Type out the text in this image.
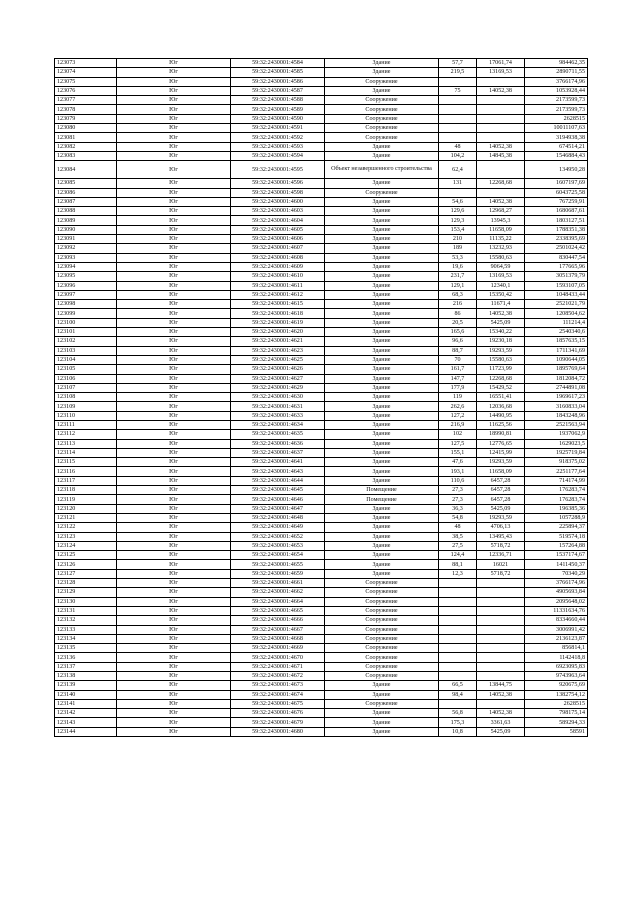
123073	Юг	59:32:2430001:4584	Здание	57,7	17061,74	984462,35
123074	Юг	59:32:2430001:4585	Здание	219,5	13169,53	2890711,55
123075	Юг	59:32:2430001:4586	Сооружение			3766174,96
123076	Юг	59:32:2430001:4587	Здание	75	14052,38	1053928,44
123077	Юг	59:32:2430001:4588	Сооружение			2173599,73
123078	Юг	59:32:2430001:4589	Сооружение			2173599,73
123079	Юг	59:32:2430001:4590	Сооружение			2628515
123080	Юг	59:32:2430001:4591	Сооружение			10011107,63
123081	Юг	59:32:2430001:4592	Сооружение			3194938,38
123082	Юг	59:32:2430001:4593	Здание	48	14052,38	674514,21
123083	Юг	59:32:2430001:4594	Здание	104,2	14845,38	1546884,43
123084	Юг	59:32:2430001:4595	Объект незавершенного строительства	62,4		134950,28
123085	Юг	59:32:2430001:4596	Здание	131	12268,68	1607197,69
123086	Юг	59:32:2430001:4598	Сооружение			6043725,58
123087	Юг	59:32:2430001:4600	Здание	54,6	14052,38	767259,91
123088	Юг	59:32:2430001:4603	Здание	129,6	12968,27	1680687,61
123089	Юг	59:32:2430001:4604	Здание	129,3	13945,3	1803127,51
123090	Юг	59:32:2430001:4605	Здание	153,4	11658,09	1788351,38
123091	Юг	59:32:2430001:4606	Здание	210	11135,22	2338395,69
123092	Юг	59:32:2430001:4607	Здание	189	13232,93	2501024,42
123093	Юг	59:32:2430001:4608	Здание	53,3	15580,63	830447,54
123094	Юг	59:32:2430001:4609	Здание	19,6	9064,59	177665,96
123095	Юг	59:32:2430001:4610	Здание	231,7	13169,53	3051379,79
123096	Юг	59:32:2430001:4611	Здание	129,1	12340,1	1593107,05
123097	Юг	59:32:2430001:4612	Здание	68,3	15350,42	1048433,44
123098	Юг	59:32:2430001:4615	Здание	216	11671,4	2521021,79
123099	Юг	59:32:2430001:4618	Здание	86	14052,38	1208504,62
123100	Юг	59:32:2430001:4619	Здание	20,5	5425,09	111214,4
123101	Юг	59:32:2430001:4620	Здание	165,6	15340,22	2540340,6
123102	Юг	59:32:2430001:4621	Здание	96,6	19230,18	1857635,15
123103	Юг	59:32:2430001:4623	Здание	88,7	19293,59	1711341,69
123104	Юг	59:32:2430001:4625	Здание	70	15580,63	1090644,05
123105	Юг	59:32:2430001:4626	Здание	161,7	11723,99	1895769,64
123106	Юг	59:32:2430001:4627	Здание	147,7	12268,68	1812084,72
123107	Юг	59:32:2430001:4629	Здание	177,9	15429,52	2744891,08
123108	Юг	59:32:2430001:4630	Здание	119	16551,41	1969617,23
123109	Юг	59:32:2430001:4631	Здание	262,6	12036,68	3160833,04
123110	Юг	59:32:2430001:4633	Здание	127,2	14490,95	1843248,96
123111	Юг	59:32:2430001:4634	Здание	216,9	11625,56	2521563,94
123112	Юг	59:32:2430001:4635	Здание	102	18990,81	1937062,9
123113	Юг	59:32:2430001:4636	Здание	127,5	12776,65	1629023,5
123114	Юг	59:32:2430001:4637	Здание	155,1	12415,99	1925719,84
123115	Юг	59:32:2430001:4641	Здание	47,6	19293,59	918375,02
123116	Юг	59:32:2430001:4643	Здание	193,1	11658,09	2251177,64
123117	Юг	59:32:2430001:4644	Здание	110,6	6457,28	714174,99
123118	Юг	59:32:2430001:4645	Помещение	27,3	6457,28	176283,74
123119	Юг	59:32:2430001:4646	Помещение	27,3	6457,28	176283,74
123120	Юг	59:32:2430001:4647	Здание	36,3	5425,09	196385,36
123121	Юг	59:32:2430001:4648	Здание	54,8	19293,59	1057288,9
123122	Юг	59:32:2430001:4649	Здание	48	4706,13	225894,37
123123	Юг	59:32:2430001:4652	Здание	38,5	13495,43	519574,18
123124	Юг	59:32:2430001:4653	Здание	27,5	5718,72	157264,88
123125	Юг	59:32:2430001:4654	Здание	124,4	12336,71	1537174,67
123126	Юг	59:32:2430001:4655	Здание	88,1	16021	1411450,37
123127	Юг	59:32:2430001:4659	Здание	12,3	5718,72	70340,29
123128	Юг	59:32:2430001:4661	Сооружение			3766174,96
123129	Юг	59:32:2430001:4662	Сооружение			4905693,84
123130	Юг	59:32:2430001:4664	Сооружение			2095648,02
123131	Юг	59:32:2430001:4665	Сооружение			11331634,76
123132	Юг	59:32:2430001:4666	Сооружение			8334660,44
123133	Юг	59:32:2430001:4667	Сооружение			3006991,42
123134	Юг	59:32:2430001:4668	Сооружение			2136123,87
123135	Юг	59:32:2430001:4669	Сооружение			856814,1
123136	Юг	59:32:2430001:4670	Сооружение			1142418,8
123137	Юг	59:32:2430001:4671	Сооружение			6923095,83
123138	Юг	59:32:2430001:4672	Сооружение			9743963,64
123139	Юг	59:32:2430001:4673	Здание	66,5	13844,75	920675,69
123140	Юг	59:32:2430001:4674	Здание	98,4	14052,38	1382754,12
123141	Юг	59:32:2430001:4675	Сооружение			2628515
123142	Юг	59:32:2430001:4676	Здание	56,8	14052,38	798175,14
123143	Юг	59:32:2430001:4679	Здание	175,3	3361,63	589294,33
123144	Юг	59:32:2430001:4680	Здание	10,8	5425,09	58591
